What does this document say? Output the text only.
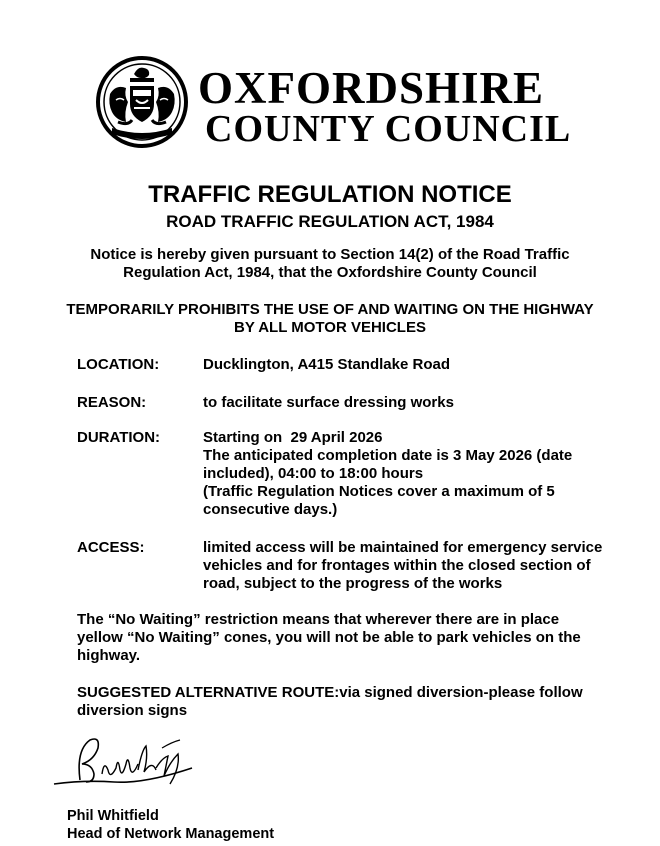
OXFORDSHIRE
COUNTY COUNCIL
TRAFFIC REGULATION NOTICE
ROAD TRAFFIC REGULATION ACT, 1984
Notice is hereby given pursuant to Section 14(2) of the Road Traffic
Regulation Act, 1984, that the Oxfordshire County Council
TEMPORARILY PROHIBITS THE USE OF AND WAITING ON THE HIGHWAY
BY ALL MOTOR VEHICLES
LOCATION:	Ducklington, A415 Standlake Road
REASON:	to facilitate surface dressing works
DURATION:	Starting on  29 April 2026
The anticipated completion date is 3 May 2026 (date
included), 04:00 to 18:00 hours
(Traffic Regulation Notices cover a maximum of 5
consecutive days.)
ACCESS:	limited access will be maintained for emergency service
vehicles and for frontages within the closed section of
road, subject to the progress of the works
The “No Waiting” restriction means that wherever there are in place
yellow “No Waiting” cones, you will not be able to park vehicles on the
highway.
SUGGESTED ALTERNATIVE ROUTE:via signed diversion-please follow
diversion signs
Phil Whitfield
Head of Network Management
